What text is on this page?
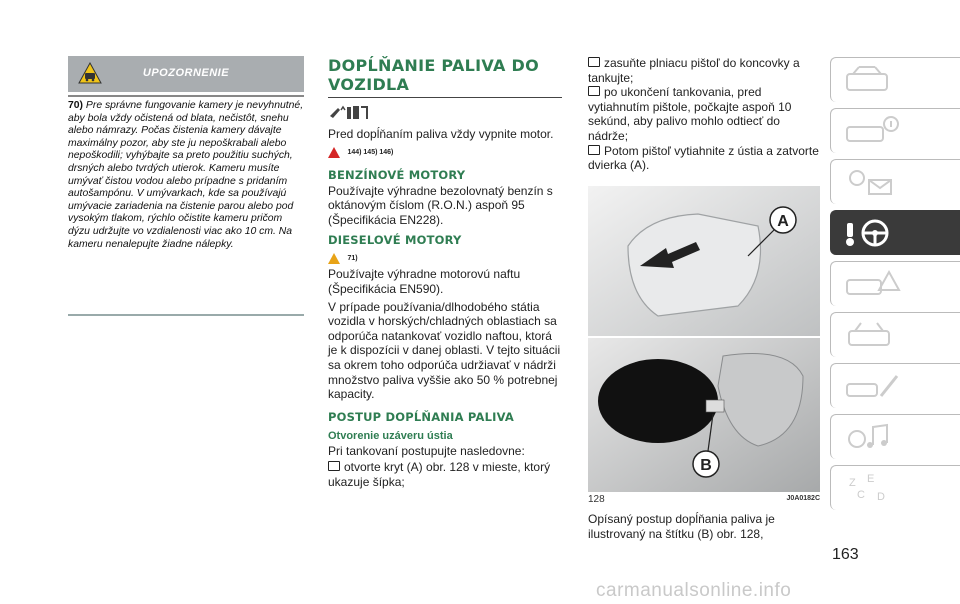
UPOZORNENIE
70) Pre správne fungovanie kamery je nevyhnutné, aby bola vždy očistená od blata, nečistôt, snehu alebo námrazy. Počas čistenia kamery dávajte maximálny pozor, aby ste ju nepoškrabali alebo nepoškodili; vyhýbajte sa preto použitiu suchých, drsných alebo tvrdých utierok. Kameru musíte umývať čistou vodou alebo prípadne s pridaním autošampónu. V umývarkach, kde sa používajú umývacie zariadenia na čistenie parou alebo pod vysokým tlakom, rýchlo očistite kameru pričom dýzu udržujte vo vzdialenosti viac ako 10 cm. Na kameru nenalepujte žiadne nálepky.
DOPĹŇANIE PALIVA DO VOZIDLA

Pred dopĺňaním paliva vždy vypnite motor.

144) 145) 146)
BENZÍNOVÉ MOTORY

Používajte výhradne bezolovnatý benzín s oktánovým číslom (R.O.N.) aspoň 95 (Špecifikácia EN228).

DIESELOVÉ MOTORY
71)

Používajte výhradne motorovú naftu (Špecifikácia EN590).

V prípade používania/dlhodobého státia vozidla v horských/chladných oblastiach sa odporúča natankovať vozidlo naftou, ktorá je k dispozícii v danej oblasti. V tejto situácii sa okrem toho odporúča udržiavať v nádrži množstvo paliva vyššie ako 50 % potrebnej kapacity.

POSTUP DOPĹŇANIA PALIVA
Otvorenie uzáveru ústia

Pri tankovaní postupujte nasledovne:

otvorte kryt (A) obr. 128 v mieste, ktorý ukazuje šípka;

zasuňte plniacu pištoľ do koncovky a tankujte;

po ukončení tankovania, pred vytiahnutím pištole, počkajte aspoň 10 sekúnd, aby palivo mohlo odtiecť do nádrže;

Potom pištoľ vytiahnite z ústia a zatvorte dvierka (A).

A
B
128	J0A0182C

Opísaný postup dopĺňania paliva je ilustrovaný na štítku (B) obr. 128,

Z E
C D
163
carmanualsonline.info
